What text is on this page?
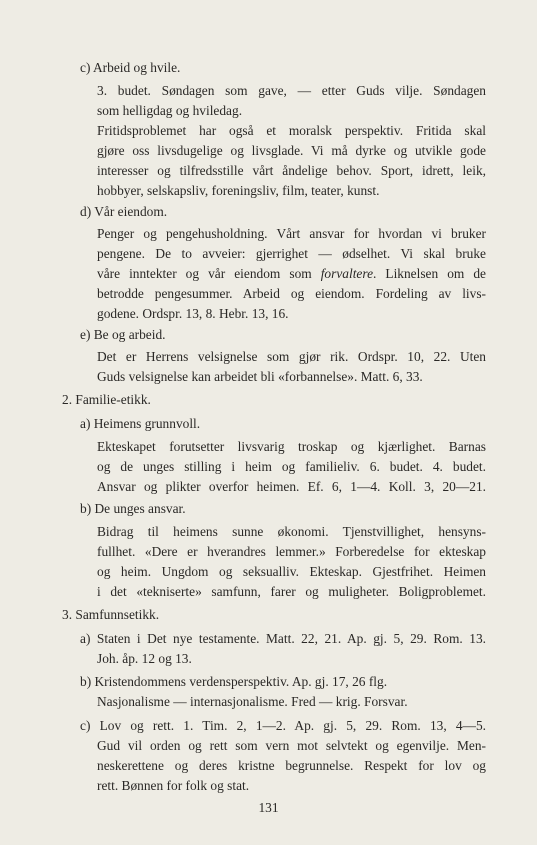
c) Arbeid og hvile.
3. budet. Søndagen som gave, — etter Guds vilje. Søndagen
som helligdag og hviledag.
Fritidsproblemet har også et moralsk perspektiv. Fritida skal
gjøre oss livsdugelige og livsglade. Vi må dyrke og utvikle gode
interesser og tilfredsstille vårt åndelige behov. Sport, idrett, leik,
hobbyer, selskapsliv, foreningsliv, film, teater, kunst.
d) Vår eiendom.
Penger og pengehusholdning. Vårt ansvar for hvordan vi bruker
pengene. De to avveier: gjerrighet — ødselhet. Vi skal bruke
våre inntekter og vår eiendom som forvaltere. Liknelsen om de
betrodde pengesummer. Arbeid og eiendom. Fordeling av livs-
godene. Ordspr. 13, 8. Hebr. 13, 16.
e) Be og arbeid.
Det er Herrens velsignelse som gjør rik. Ordspr. 10, 22. Uten
Guds velsignelse kan arbeidet bli «forbannelse». Matt. 6, 33.
2. Familie-etikk.
a) Heimens grunnvoll.
Ekteskapet forutsetter livsvarig troskap og kjærlighet. Barnas
og de unges stilling i heim og familieliv. 6. budet. 4. budet.
Ansvar og plikter overfor heimen. Ef. 6, 1—4. Koll. 3, 20—21.
b) De unges ansvar.
Bidrag til heimens sunne økonomi. Tjenstvillighet, hensyns-
fullhet. «Dere er hverandres lemmer.» Forberedelse for ekteskap
og heim. Ungdom og seksualliv. Ekteskap. Gjestfrihet. Heimen
i det «tekniserte» samfunn, farer og muligheter. Boligproblemet.
3. Samfunnsetikk.
a) Staten i Det nye testamente. Matt. 22, 21. Ap. gj. 5, 29. Rom. 13.
Joh. åp. 12 og 13.
b) Kristendommens verdensperspektiv. Ap. gj. 17, 26 flg.
Nasjonalisme — internasjonalisme. Fred — krig. Forsvar.
c) Lov og rett. 1. Tim. 2, 1—2. Ap. gj. 5, 29. Rom. 13, 4—5.
Gud vil orden og rett som vern mot selvtekt og egenvilje. Men-
neskerettene og deres kristne begrunnelse. Respekt for lov og
rett. Bønnen for folk og stat.
131
